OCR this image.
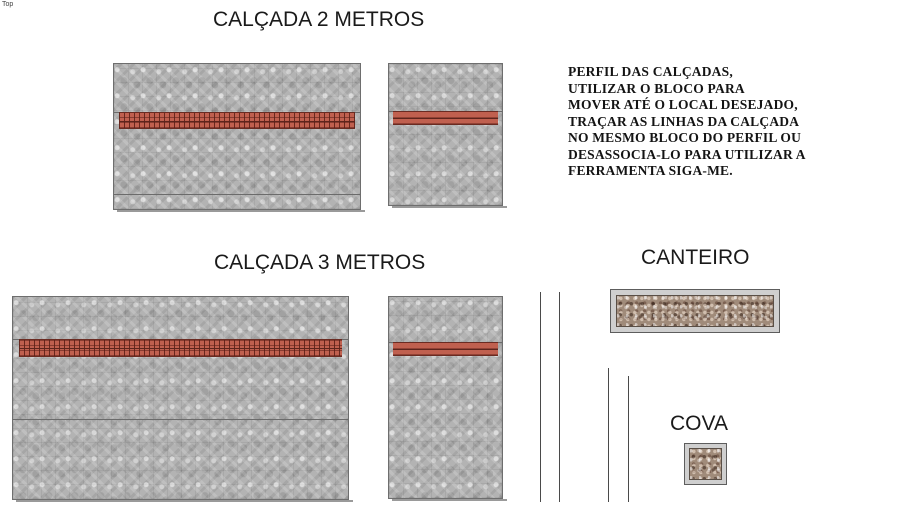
Top
CALÇADA 2 METROS
PERFIL DAS CALÇADAS,
UTILIZAR O BLOCO PARA
MOVER ATÉ O LOCAL DESEJADO,
TRAÇAR AS LINHAS DA CALÇADA
NO MESMO BLOCO DO PERFIL OU
DESASSOCIA-LO PARA UTILIZAR A
FERRAMENTA SIGA-ME.
CALÇADA 3 METROS	CANTEIRO
COVA
